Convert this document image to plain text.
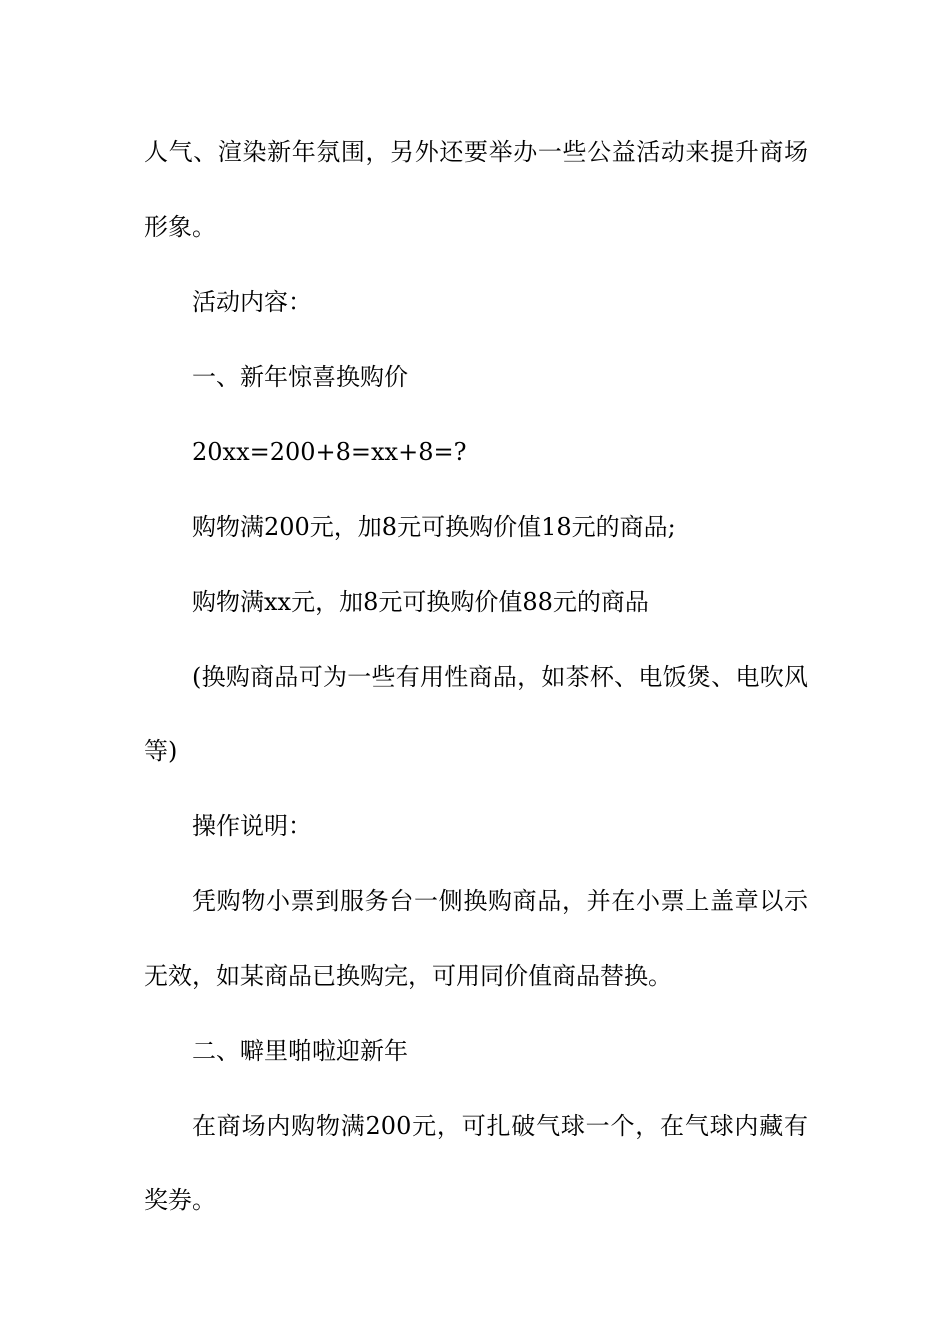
人气、渲染新年氛围，另外还要举办一些公益活动来提升商场
形象。
活动内容：
一、新年惊喜换购价
20xx=200+8=xx+8=?
购物满200元，加8元可换购价值18元的商品;
购物满xx元，加8元可换购价值88元的商品
(换购商品可为一些有用性商品，如茶杯、电饭煲、电吹风
等)
操作说明：
凭购物小票到服务台一侧换购商品，并在小票上盖章以示
无效，如某商品已换购完，可用同价值商品替换。
二、噼里啪啦迎新年
在商场内购物满200元，可扎破气球一个，在气球内藏有
奖券。
